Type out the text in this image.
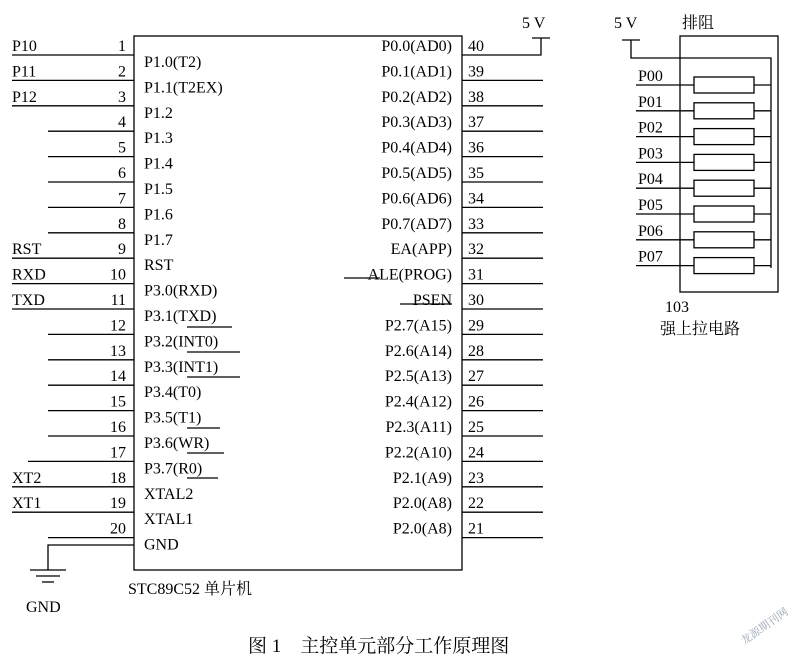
STC89C52 单片机
1
P1.0(T2)
P10
2
P1.1(T2EX)
P11
3
P1.2
P12
4
P1.3
5
P1.4
6
P1.5
7
P1.6
8
P1.7
9
RST
RST
10
P3.0(RXD)
RXD
11
P3.1(TXD)
TXD
12
P3.2(INT0)
13
P3.3(INT1)
14
P3.4(T0)
15
P3.5(T1)
16
P3.6(WR)
17
P3.7(R0)
18
XTAL2
XT2
19
XTAL1
XT1
20
GND
40
P0.0(AD0)
39
P0.1(AD1)
38
P0.2(AD2)
37
P0.3(AD3)
36
P0.4(AD4)
35
P0.5(AD5)
34
P0.6(AD6)
33
P0.7(AD7)
32
EA(APP)
31
ALE(PROG)
30
PSEN
29
P2.7(A15)
28
P2.6(A14)
27
P2.5(A13)
26
P2.4(A12)
25
P2.3(A11)
24
P2.2(A10)
23
P2.1(A9)
22
P2.0(A8)
21
P2.0(A8)
5 V
GND
5 V	排阻
P00
P01
P02
P03
P04
P05
P06
P07
103
强上拉电路
图 1　主控单元部分工作原理图	龙源期刊网
